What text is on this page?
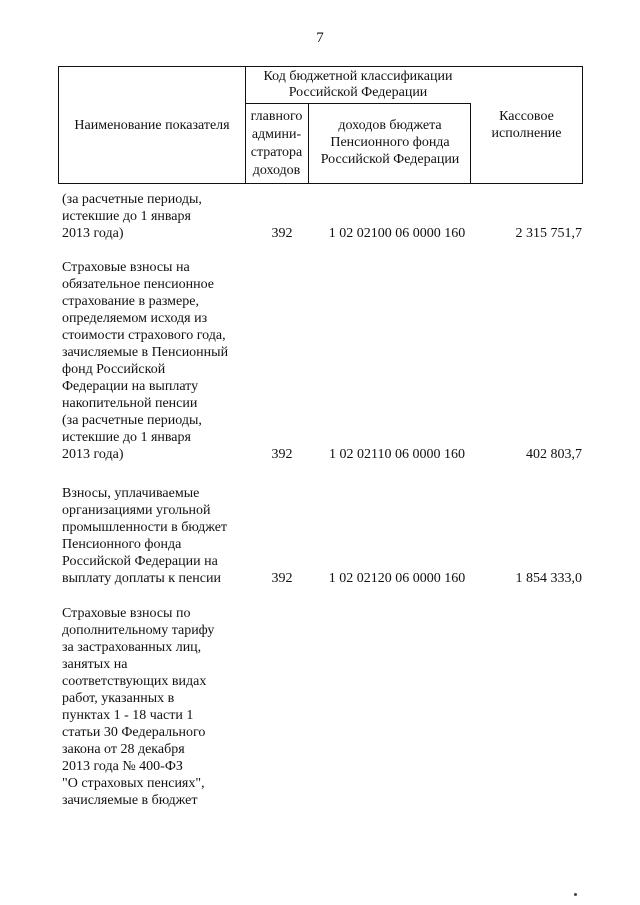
7
Наименование показателя
Код бюджетной классификации Российской Федерации
главного админи-стратора доходов
доходов бюджета Пенсионного фонда Российской Федерации
Кассовое исполнение
(за расчетные периоды,
истекшие до 1 января
2013 года)	392	1 02 02100 06 0000 160	2 315 751,7
Страховые взносы на
обязательное пенсионное
страхование в размере,
определяемом исходя из
стоимости страхового года,
зачисляемые в Пенсионный
фонд Российской
Федерации на выплату
накопительной пенсии
(за расчетные периоды,
истекшие до 1 января
2013 года)	392	1 02 02110 06 0000 160	402 803,7
Взносы, уплачиваемые
организациями угольной
промышленности в бюджет
Пенсионного фонда
Российской Федерации на
выплату доплаты к пенсии	392	1 02 02120 06 0000 160	1 854 333,0
Страховые взносы по
дополнительному тарифу
за застрахованных лиц,
занятых на
соответствующих видах
работ, указанных в
пунктах 1 - 18 части 1
статьи 30 Федерального
закона от 28 декабря
2013 года № 400-ФЗ
"О страховых пенсиях",
зачисляемые в бюджет
